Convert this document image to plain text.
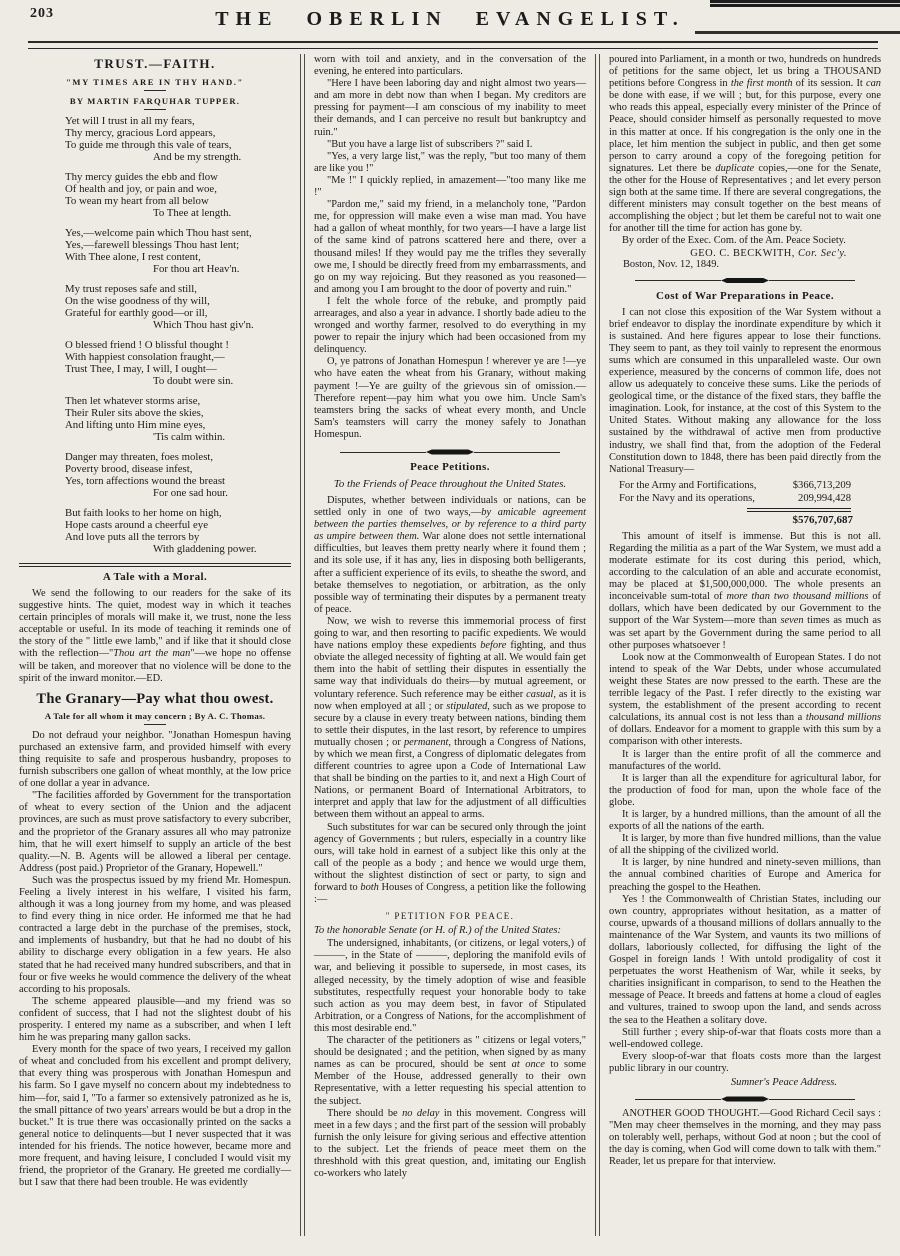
203	THE OBERLIN EVANGELIST.
TRUST.—FAITH.
"MY TIMES ARE IN THY HAND."
BY MARTIN FARQUHAR TUPPER.
Yet will I trust in all my fears,
Thy mercy, gracious Lord appears,
To guide me through this vale of tears,
And be my strength.
Thy mercy guides the ebb and flow
Of health and joy, or pain and woe,
To wean my heart from all below
To Thee at length.
Yes,—welcome pain which Thou hast sent,
Yes,—farewell blessings Thou hast lent;
With Thee alone, I rest content,
For thou art Heav'n.
My trust reposes safe and still,
On the wise goodness of thy will,
Grateful for earthly good—or ill,
Which Thou hast giv'n.
O blessed friend ! O blissful thought !
With happiest consolation fraught,—
Trust Thee, I may, I will, I ought—
To doubt were sin.
Then let whatever storms arise,
Their Ruler sits above the skies,
And lifting unto Him mine eyes,
'Tis calm within.
Danger may threaten, foes molest,
Poverty brood, disease infest,
Yes, torn affections wound the breast
For one sad hour.
But faith looks to her home on high,
Hope casts around a cheerful eye
And love puts all the terrors by
With gladdening power.
A Tale with a Moral.

We send the following to our readers for the sake of its suggestive hints. The quiet, modest way in which it teaches certain principles of morals will make it, we trust, none the less acceptable or useful. In its mode of teaching it reminds one of the story of the " little ewe lamb," and if like that it should close with the reflection—"Thou art the man"—we hope no offense will be taken, and moreover that no violence will be done to the spirit of the inward monitor.—ED.

The Granary—Pay what thou owest.
A Tale for all whom it may concern ; By A. C. Thomas.

Do not defraud your neighbor. "Jonathan Homespun having purchased an extensive farm, and provided himself with every thing requisite to safe and prosperous husbandry, proposes to furnish subscribers one gallon of wheat monthly, at the low price of one dollar a year in advance.

"The facilities afforded by Government for the transportation of wheat to every section of the Union and the adjacent provinces, are such as must prove satisfactory to every subcriber, and the proprietor of the Granary assures all who may patronize him, that he will exert himself to supply an article of the best quality.—N. B. Agents will be allowed a liberal per centage. Address (post paid.) Proprietor of the Granary, Hopewell."

Such was the prospectus issued by my friend Mr. Homespun. Feeling a lively interest in his welfare, I visited his farm, although it was a long journey from my home, and was pleased to find every thing in nice order. He informed me that he had contracted a large debt in the purchase of the premises, stock, and implements of husbandry, but that he had no doubt of his ability to discharge every obligation in a few years. He also stated that he had received many hundred subscribers, and that in four or five weeks he would commence the delivery of the wheat according to his proposals.

The scheme appeared plausible—and my friend was so confident of success, that I had not the slightest doubt of his prosperity. I entered my name as a subscriber, and when I left him he was preparing many gallon sacks.

Every month for the space of two years, I received my gallon of wheat and concluded from his excellent and prompt delivery, that every thing was prosperous with Jonathan Homespun and his farm. So I gave myself no concern about my indebtedness to him—for, said I, "To a farmer so extensively patronized as he is, the small pittance of two years' arrears would be but a drop in the bucket." It is true there was occasionally printed on the sacks a general notice to delinquents—but I never suspected that it was intended for his friends. The notice however, became more and more frequent, and having leisure, I concluded I would visit my friend, the proprietor of the Granary. He greeted me cordially—but I saw that there had been trouble. He was evidently

worn with toil and anxiety, and in the conversation of the evening, he entered into particulars.

"Here I have been laboring day and night almost two years—and am more in debt now than when I began. My creditors are pressing for payment—I am conscious of my inability to meet their demands, and I can perceive no result but bankruptcy and ruin."

"But you have a large list of subscribers ?" said I.

"Yes, a very large list," was the reply, "but too many of them are like you !"

"Me !" I quickly replied, in amazement—"too many like me !"

"Pardon me," said my friend, in a melancholy tone, "Pardon me, for oppression will make even a wise man mad. You have had a gallon of wheat monthly, for two years—I have a large list of the same kind of patrons scattered here and there, over a thousand miles! If they would pay me the trifles they severally owe me, I should be directly freed from my embarrassments, and go on my way rejoicing. But they reasoned as you reasoned—and among you I am brought to the door of poverty and ruin."

I felt the whole force of the rebuke, and promptly paid arrearages, and also a year in advance. I shortly bade adieu to the wronged and worthy farmer, resolved to do everything in my power to repair the injury which had been occasioned from my delinquency.

O, ye patrons of Jonathan Homespun ! wherever ye are !—ye who have eaten the wheat from his Granary, without making payment !—Ye are guilty of the grievous sin of omission.—Therefore repent—pay him what you owe him. Uncle Sam's teamsters bring the sacks of wheat every month, and Uncle Sam's teamsters will carry the money safely to Jonathan Homespun.

Peace Petitions.
To the Friends of Peace throughout the United States.

Disputes, whether between individuals or nations, can be settled only in one of two ways,—by amicable agreement between the parties themselves, or by reference to a third party as umpire between them. War alone does not settle international difficulties, but leaves them pretty nearly where it found them ; and its sole use, if it has any, lies in disposing both belligerants, after a sufficient experience of its evils, to sheathe the sword, and betake themselves to negotiation, or arbitration, as the only possible way of terminating their disputes by a permanent treaty of peace.

Now, we wish to reverse this immemorial process of first going to war, and then resorting to pacific expedients. We would have nations employ these expedients before fighting, and thus obviate the alleged necessity of fighting at all. We would fain get them into the habit of settling their disputes in essentially the same way that individuals do theirs—by mutual agreement, or voluntary reference. Such reference may be either casual, as it is now when employed at all ; or stipulated, such as we propose to secure by a clause in every treaty between nations, binding them to settle their disputes, in the last resort, by reference to umpires mutually chosen ; or permanent, through a Congress of Nations, by which we mean first, a Congress of diplomatic delegates from different countries to agree upon a Code of International Law that shall be binding on the parties to it, and next a High Court of Nations, or permanent Board of International Arbitrators, to interpret and apply that law for the adjustment of all difficulties between them without an appeal to arms.

Such substitutes for war can be secured only through the joint agency of Governments ; but rulers, especially in a country like ours, will take hold in earnest of a subject like this only at the call of the people as a body ; and hence we would urge them, without the slightest distinction of sect or party, to sign and forward to both Houses of Congress, a petition like the following :—

" PETITION FOR PEACE.
To the honorable Senate (or H. of R.) of the United States:

The undersigned, inhabitants, (or citizens, or legal voters,) of ———, in the State of ———, deploring the manifold evils of war, and believing it possible to supersede, in most cases, its alleged necessity, by the timely adoption of wise and feasible substitutes, respectfully request your honorable body to take such action as you may deem best, in favor of Stipulated Arbitration, or a Congress of Nations, for the accomplishment of this most desirable end."

The character of the petitioners as " citizens or legal voters," should be designated ; and the petition, when signed by as many names as can be procured, should be sent at once to some Member of the House, addressed generally to their own Representative, with a letter requesting his special attention to the subject.

There should be no delay in this movement. Congress will meet in a few days ; and the first part of the session will probably furnish the only leisure for giving serious and effective attention to the subject. Let the friends of peace meet them on the threshhold with this great question, and, imitating our English co-workers who lately

poured into Parliament, in a month or two, hundreds on hundreds of petitions for the same object, let us bring a THOUSAND petitions before Congress in the first month of its session. It can be done with ease, if we will ; but, for this purpose, every one who reads this appeal, especially every minister of the Prince of Peace, should consider himself as personally requested to move in this matter at once. If his congregation is the only one in the place, let him mention the subject in public, and then get some person to carry around a copy of the foregoing petition for signatures. Let there be duplicate copies,—one for the Senate, the other for the House of Representatives ; and let every person sign both at the same time. If there are several congregations, the different ministers may consult together on the best means of accomplishing the object ; but let them be careful not to wait one for another till the time for action has gone by.

By order of the Exec. Com. of the Am. Peace Society.

GEO. C. BECKWITH, Cor. Sec'y.
Boston, Nov. 12, 1849.
Cost of War Preparations in Peace.

I can not close this exposition of the War System without a brief endeavor to display the inordinate expenditure by which it is sustained. And here figures appear to lose their functions. They seem to pant, as they toil vainly to represent the enormous sums which are consumed in this unparalleled waste. Our own experience, measured by the concerns of common life, does not allow us adequately to conceive these sums. Like the periods of geological time, or the distance of the fixed stars, they baffle the imagination. Look, for instance, at the cost of this System to the United States. Without making any allowance for the loss sustained by the withdrawal of active men from productive industry, we shall find that, from the adoption of the Federal Constitution down to 1848, there has been paid directly from the National Treasury—

For the Army and Fortifications,	$366,713,209
For the Navy and its operations,	209,994,428
$576,707,687

This amount of itself is immense. But this is not all. Regarding the militia as a part of the War System, we must add a moderate estimate for its cost during this period, which, according to the calculation of an able and accurate economist, may be placed at $1,500,000,000. The whole presents an inconceivable sum-total of more than two thousand millions of dollars, which have been dedicated by our Government to the support of the War System—more than seven times as much as was set apart by the Government during the same period to all other purposes whatsoever !

Look now at the Commonwealth of European States. I do not intend to speak of the War Debts, under whose accumulated weight these States are now pressed to the earth. These are the terrible legacy of the Past. I refer directly to the existing war system, the establishment of the present according to recent calculations, its annual cost is not less than a thousand millions of dollars. Endeavor for a moment to grapple with this sum by a comparison with other interests.

It is larger than the entire profit of all the commerce and manufactures of the world.

It is larger than all the expenditure for agricultural labor, for the production of food for man, upon the whole face of the globe.

It is larger, by a hundred millions, than the amount of all the exports of all the nations of the earth.

It is larger, by more than five hundred millions, than the value of all the shipping of the civilized world.

It is larger, by nine hundred and ninety-seven millions, than the annual combined charities of Europe and America for preaching the gospel to the Heathen.

Yes ! the Commonwealth of Christian States, including our own country, appropriates without hesitation, as a matter of course, upwards of a thousand millions of dollars annually to the maintenance of the War System, and vaunts its two millions of dollars, laboriously collected, for diffusing the light of the Gospel in foreign lands ! With untold prodigality of cost it perpetuates the worst Heathenism of War, while it seeks, by charities insignificant in comparison, to send to the Heathen the message of Peace. It breeds and fattens at home a cloud of eagles and vultures, trained to swoop upon the land, and sends across the sea to the Heathen a solitary dove.

Still further ; every ship-of-war that floats costs more than a well-endowed college.

Every sloop-of-war that floats costs more than the largest public library in our country.

Sumner's Peace Address.

ANOTHER GOOD THOUGHT.—Good Richard Cecil says : "Men may cheer themselves in the morning, and they may pass on tolerably well, perhaps, without God at noon ; but the cool of the day is coming, when God will come down to talk with them." Reader, let us prepare for that interview.
